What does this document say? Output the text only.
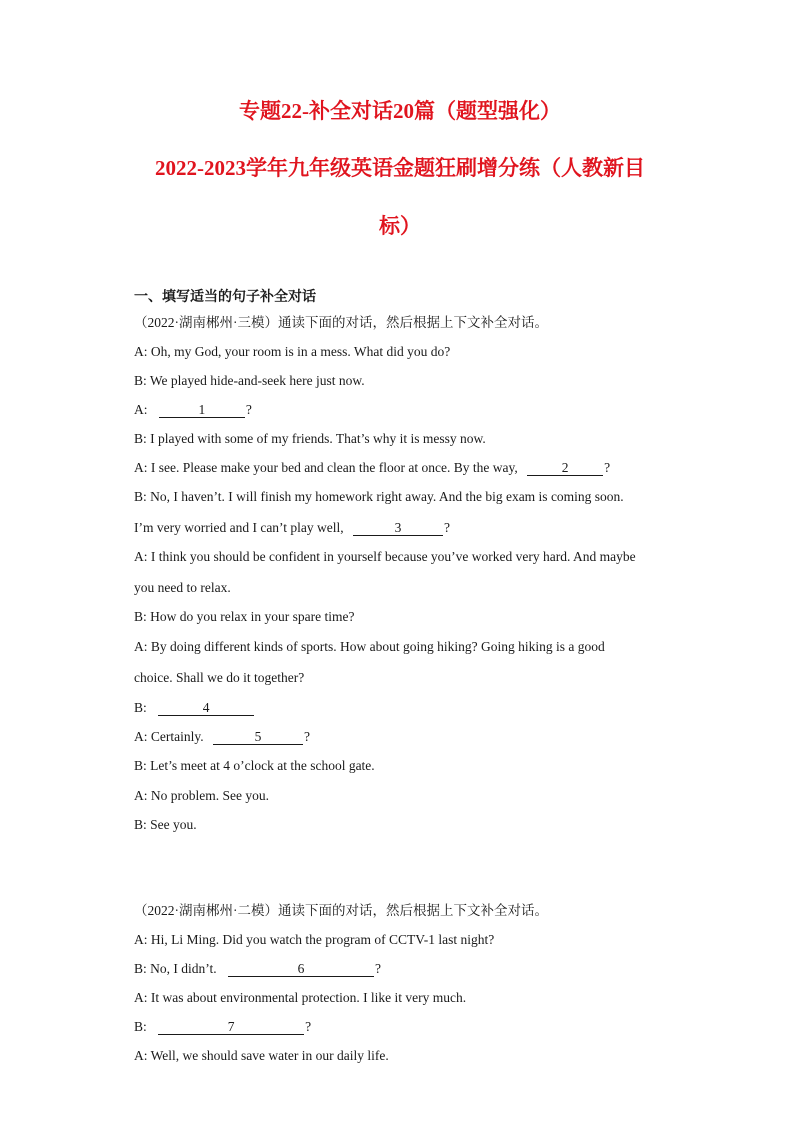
专题22-补全对话20篇（题型强化）
2022-2023学年九年级英语金题狂刷增分练（人教新目
标）
一、填写适当的句子补全对话
（2022·湖南郴州·三模）通读下面的对话，然后根据上下文补全对话。
A: Oh, my God, your room is in a mess. What did you do?
B: We played hide-and-seek here just now.
A:	1	?
B: I played with some of my friends. That’s why it is messy now.
A: I see. Please make your bed and clean the floor at once. By the way,	2	?
B: No, I haven’t. I will finish my homework right away. And the big exam is coming soon.
I’m very worried and I can’t play well,	3	?
A: I think you should be confident in yourself because you’ve worked very hard. And maybe
you need to relax.
B: How do you relax in your spare time?
A: By doing different kinds of sports. How about going hiking? Going hiking is a good
choice. Shall we do it together?
B:	4
A: Certainly.	5	?
B: Let’s meet at 4 o’clock at the school gate.
A: No problem. See you.
B: See you.
（2022·湖南郴州·二模）通读下面的对话，然后根据上下文补全对话。
A: Hi, Li Ming. Did you watch the program of CCTV-1 last night?
B: No, I didn’t.	6	?
A: It was about environmental protection. I like it very much.
B:	7	?
A: Well, we should save water in our daily life.
